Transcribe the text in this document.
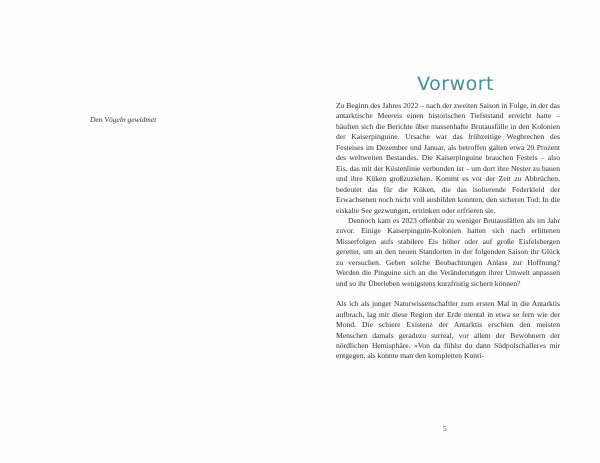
Den Vögeln gewidmet
Vorwort

Zu Beginn des Jahres 2022 – nach der zweiten Saison in Folge, in der das antarktische Meereis einen historischen Tiefststand erreicht hatte – häuften sich die Berichte über massenhafte Brutausfälle in den Kolonien der Kaiserpinguine. Ursache war das frühzeitige Wegbrechen des Festeises im Dezember und Januar, als betroffen galten etwa 20 Prozent des weltweiten Bestandes. Die Kaiserpinguine brauchen Festeis – also Eis, das mit der Küstenlinie verbunden ist – um dort ihre Nester zu bauen und ihre Küken großzuziehen. Kommt es vor der Zeit zu Abbrüchen, bedeutet das für die Küken, die das isolierende Federkleid der Erwachsenen noch nicht voll ausbilden konnten, den sicheren Tod: In die eiskalte See gezwungen, ertrinken oder erfrieren sie.

Dennoch kam es 2023 offenbar zu weniger Brutausfällen als im Jahr zuvor. Einige Kaiserpinguin-Kolonien hatten sich nach erlittenen Misserfolgen aufs stabilere Eis höher oder auf große Eisfelsbergen gerettet, um an den neuen Standorten in der folgenden Saison ihr Glück zu versuchen. Geben solche Beobachtungen Anlass zur Hoffnung? Werden die Pinguine sich an die Veränderungen ihrer Umwelt anpassen und so ihr Überleben wenigstens kurzfristig sichern können?

Als ich als junger Naturwissenschaftler zum ersten Mal in die Antarktis aufbrach, lag mir diese Region der Erde mental in etwa so fern wie der Mond. Die schiere Existenz der Antarktis erschien den meisten Menschen damals geradezu surreal, vor allem der Bewohnern der nördlichen Hemisphäre. »Von da fühlst du dann Südpolschaller«s mir entgegen, als konnte man den kompletten Konti-

5
